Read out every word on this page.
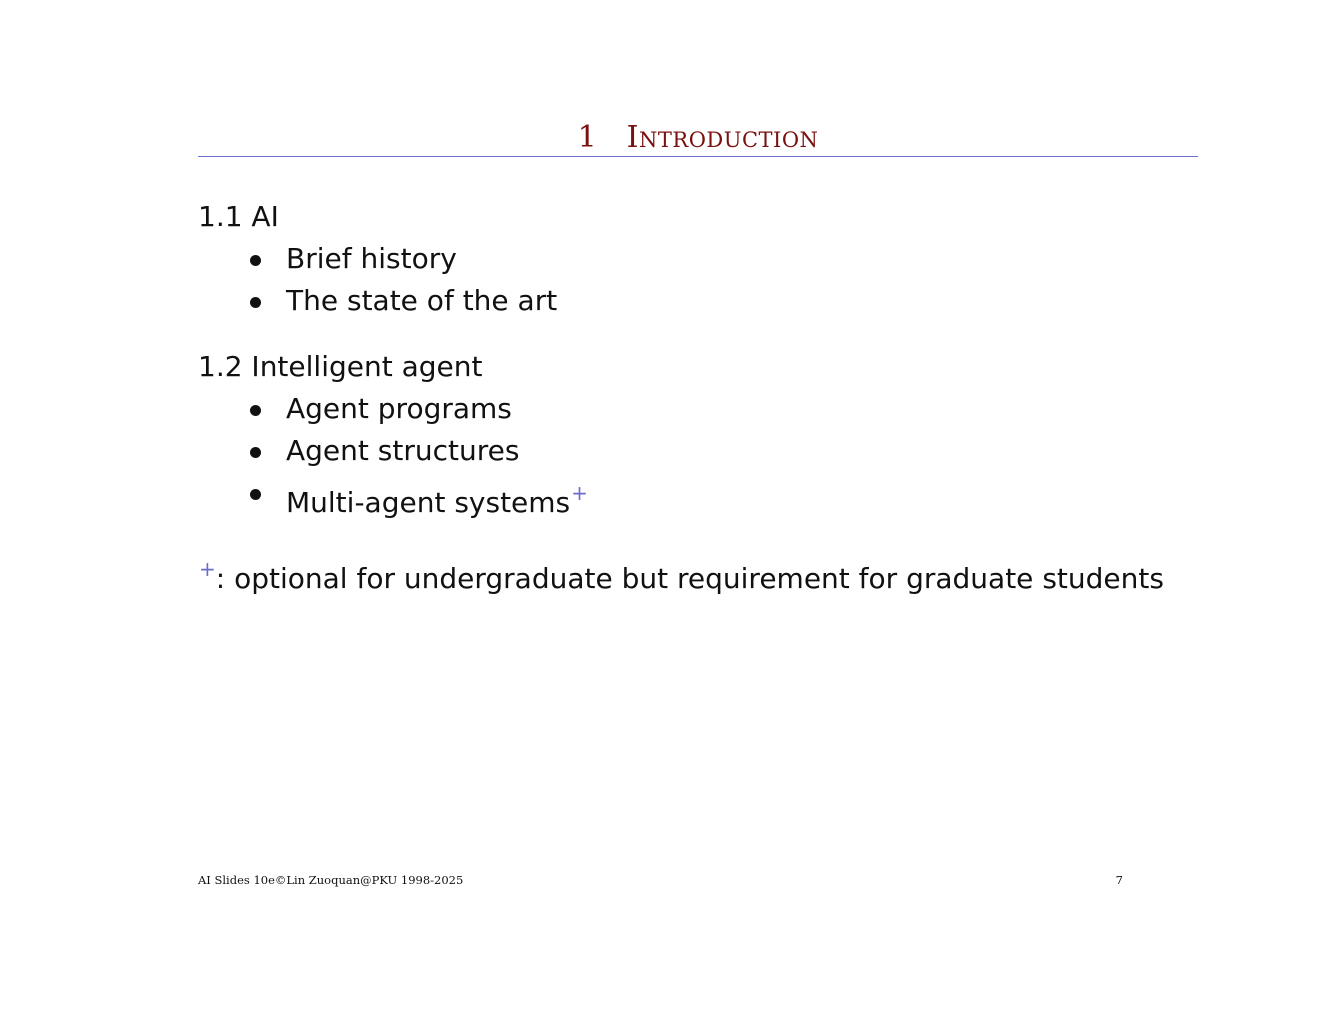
1 Introduction

1.1 AI

Brief history
The state of the art

1.2 Intelligent agent

Agent programs
Agent structures
Multi-agent systems+
+: optional for undergraduate but requirement for graduate students
AI Slides 10e©Lin Zuoquan@PKU 1998-2025	7
